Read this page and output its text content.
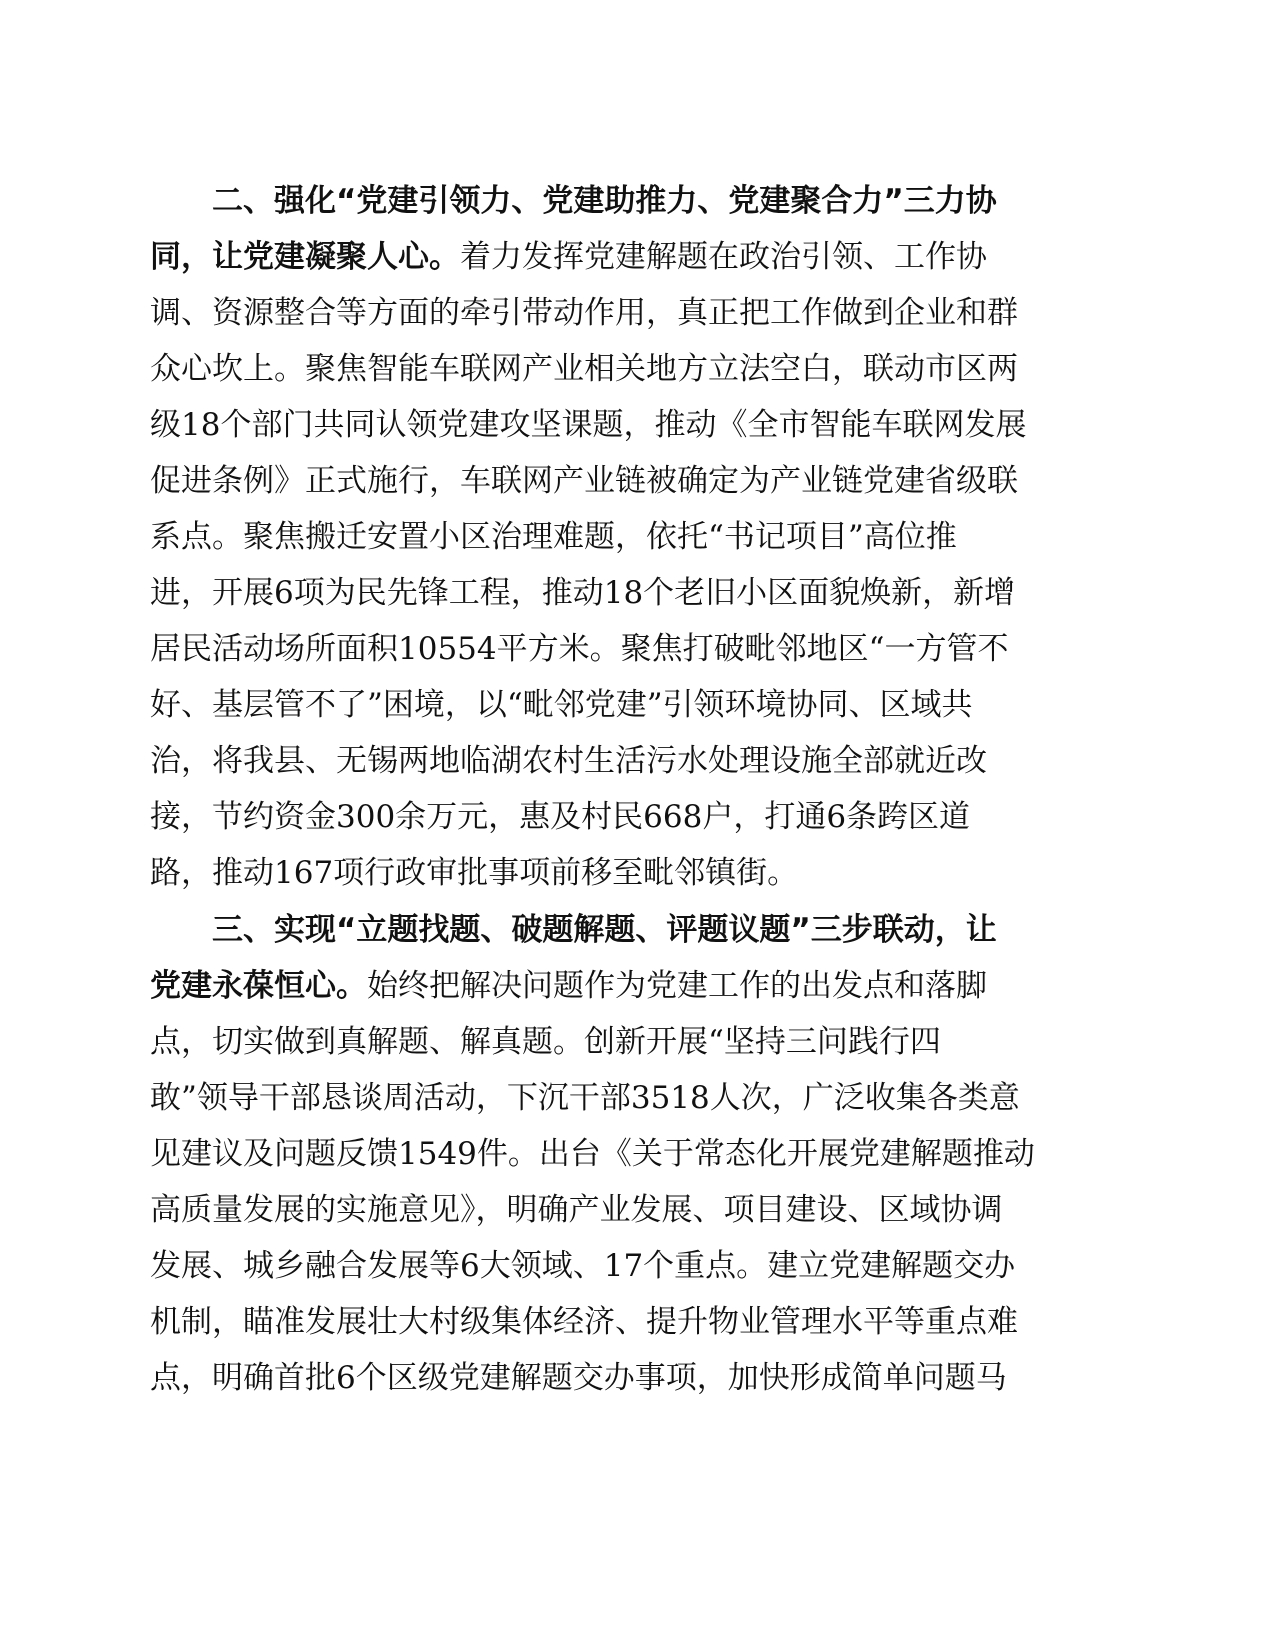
二、强化“党建引领力、党建助推力、党建聚合力”三力协
同，让党建凝聚人心。着力发挥党建解题在政治引领、工作协
调、资源整合等方面的牵引带动作用，真正把工作做到企业和群
众心坎上。聚焦智能车联网产业相关地方立法空白，联动市区两
级18个部门共同认领党建攻坚课题，推动《全市智能车联网发展
促进条例》正式施行，车联网产业链被确定为产业链党建省级联
系点。聚焦搬迁安置小区治理难题，依托“书记项目”高位推
进，开展6项为民先锋工程，推动18个老旧小区面貌焕新，新增
居民活动场所面积10554平方米。聚焦打破毗邻地区“一方管不
好、基层管不了”困境，以“毗邻党建”引领环境协同、区域共
治，将我县、无锡两地临湖农村生活污水处理设施全部就近改
接，节约资金300余万元，惠及村民668户，打通6条跨区道
路，推动167项行政审批事项前移至毗邻镇街。
三、实现“立题找题、破题解题、评题议题”三步联动，让
党建永葆恒心。始终把解决问题作为党建工作的出发点和落脚
点，切实做到真解题、解真题。创新开展“坚持三问践行四
敢”领导干部恳谈周活动，下沉干部3518人次，广泛收集各类意
见建议及问题反馈1549件。出台《关于常态化开展党建解题推动
高质量发展的实施意见》，明确产业发展、项目建设、区域协调
发展、城乡融合发展等6大领域、17个重点。建立党建解题交办
机制，瞄准发展壮大村级集体经济、提升物业管理水平等重点难
点，明确首批6个区级党建解题交办事项，加快形成简单问题马
